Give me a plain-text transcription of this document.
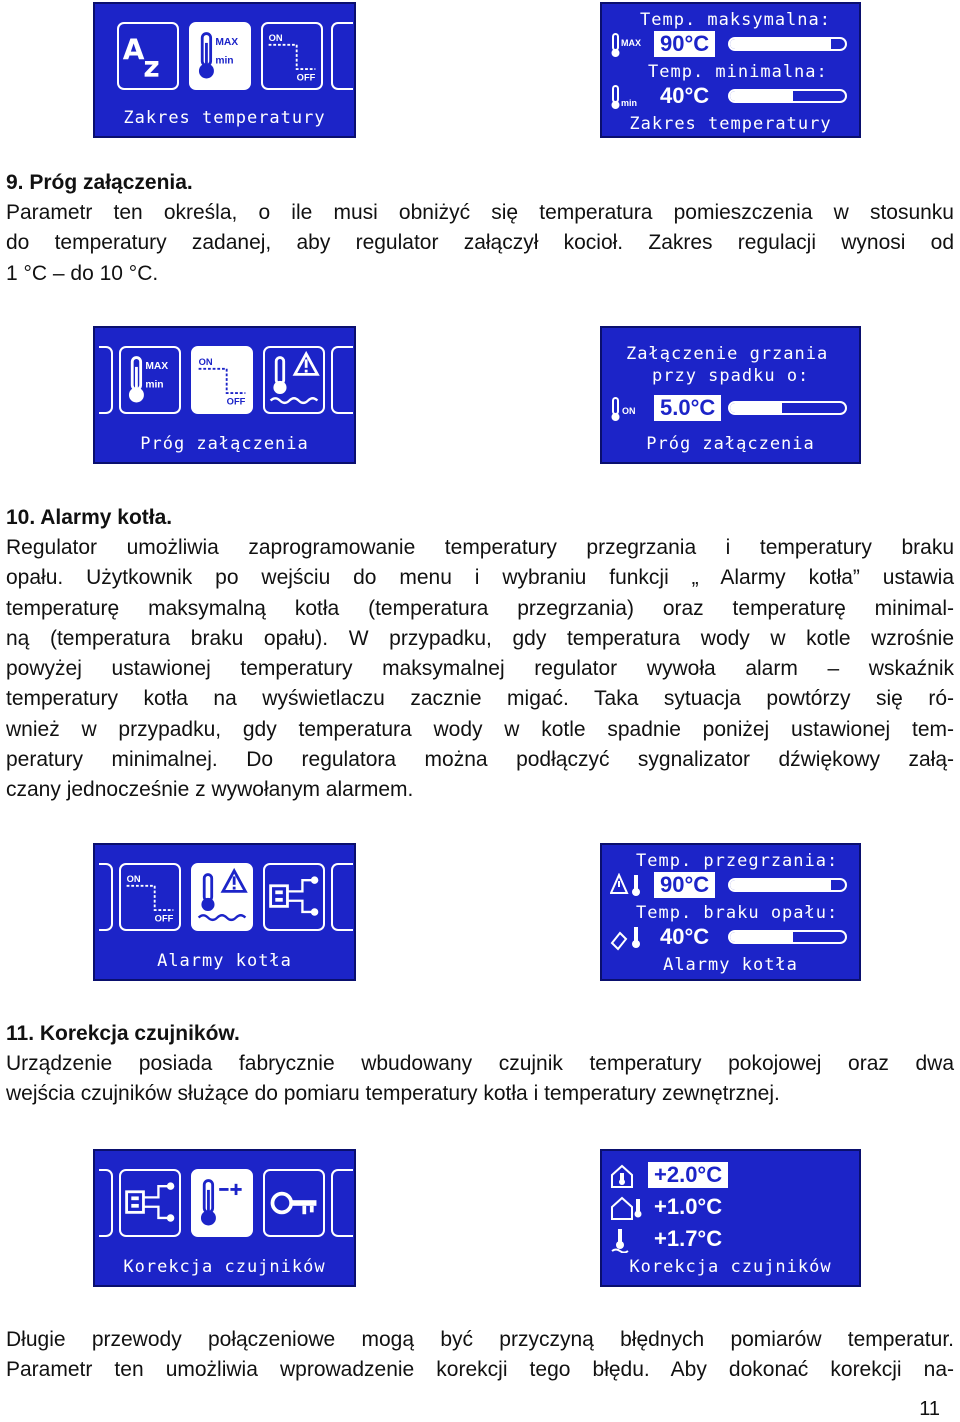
MAX
min
Zakres temperatury
Temp. maksymalna:
MAX 90°C
Temp. minimalna:
min 40°C
Zakres temperatury
9. Próg załączenia.

Parametr ten określa, o ile musi obniżyć się temperatura pomieszczenia w stosunku
do temperatury zadanej, aby regulator załączył kocioł. Zakres regulacji wynosi od
1 °C – do 10 °C.

MAX
min
Próg załączenia
Załączenie grzania
przy spadku o:
ON 5.0°C
Próg załączenia
10. Alarmy kotła.

Regulator umożliwia zaprogramowanie temperatury przegrzania i temperatury braku
opału. Użytkownik po wejściu do menu i wybraniu funkcji „ Alarmy kotła” ustawia
temperaturę maksymalną kotła (temperatura przegrzania) oraz temperaturę minimal-
ną (temperatura braku opału). W przypadku, gdy temperatura wody w kotle wzrośnie
powyżej ustawionej temperatury maksymalnej regulator wywoła alarm – wskaźnik
temperatury kotła na wyświetlaczu zacznie migać. Taka sytuacja powtórzy się ró-
wnież w przypadku, gdy temperatura wody w kotle spadnie poniżej ustawionej tem-
peratury minimalnej. Do regulatora można podłączyć sygnalizator dźwiękowy załą-
czany jednocześnie z wywołanym alarmem.

Alarmy kotła
Temp. przegrzania:
90°C
Temp. braku opału:
40°C
Alarmy kotła
11. Korekcja czujników.

Urządzenie posiada fabrycznie wbudowany czujnik temperatury pokojowej oraz dwa
wejścia czujników służące do pomiaru temperatury kotła i temperatury zewnętrznej.

Korekcja czujników
+2.0°C
+1.0°C
+1.7°C
Korekcja czujników

Długie przewody połączeniowe mogą być przyczyną błędnych pomiarów temperatur.
Parametr ten umożliwia wprowadzenie korekcji tego błędu. Aby dokonać korekcji na-

11
